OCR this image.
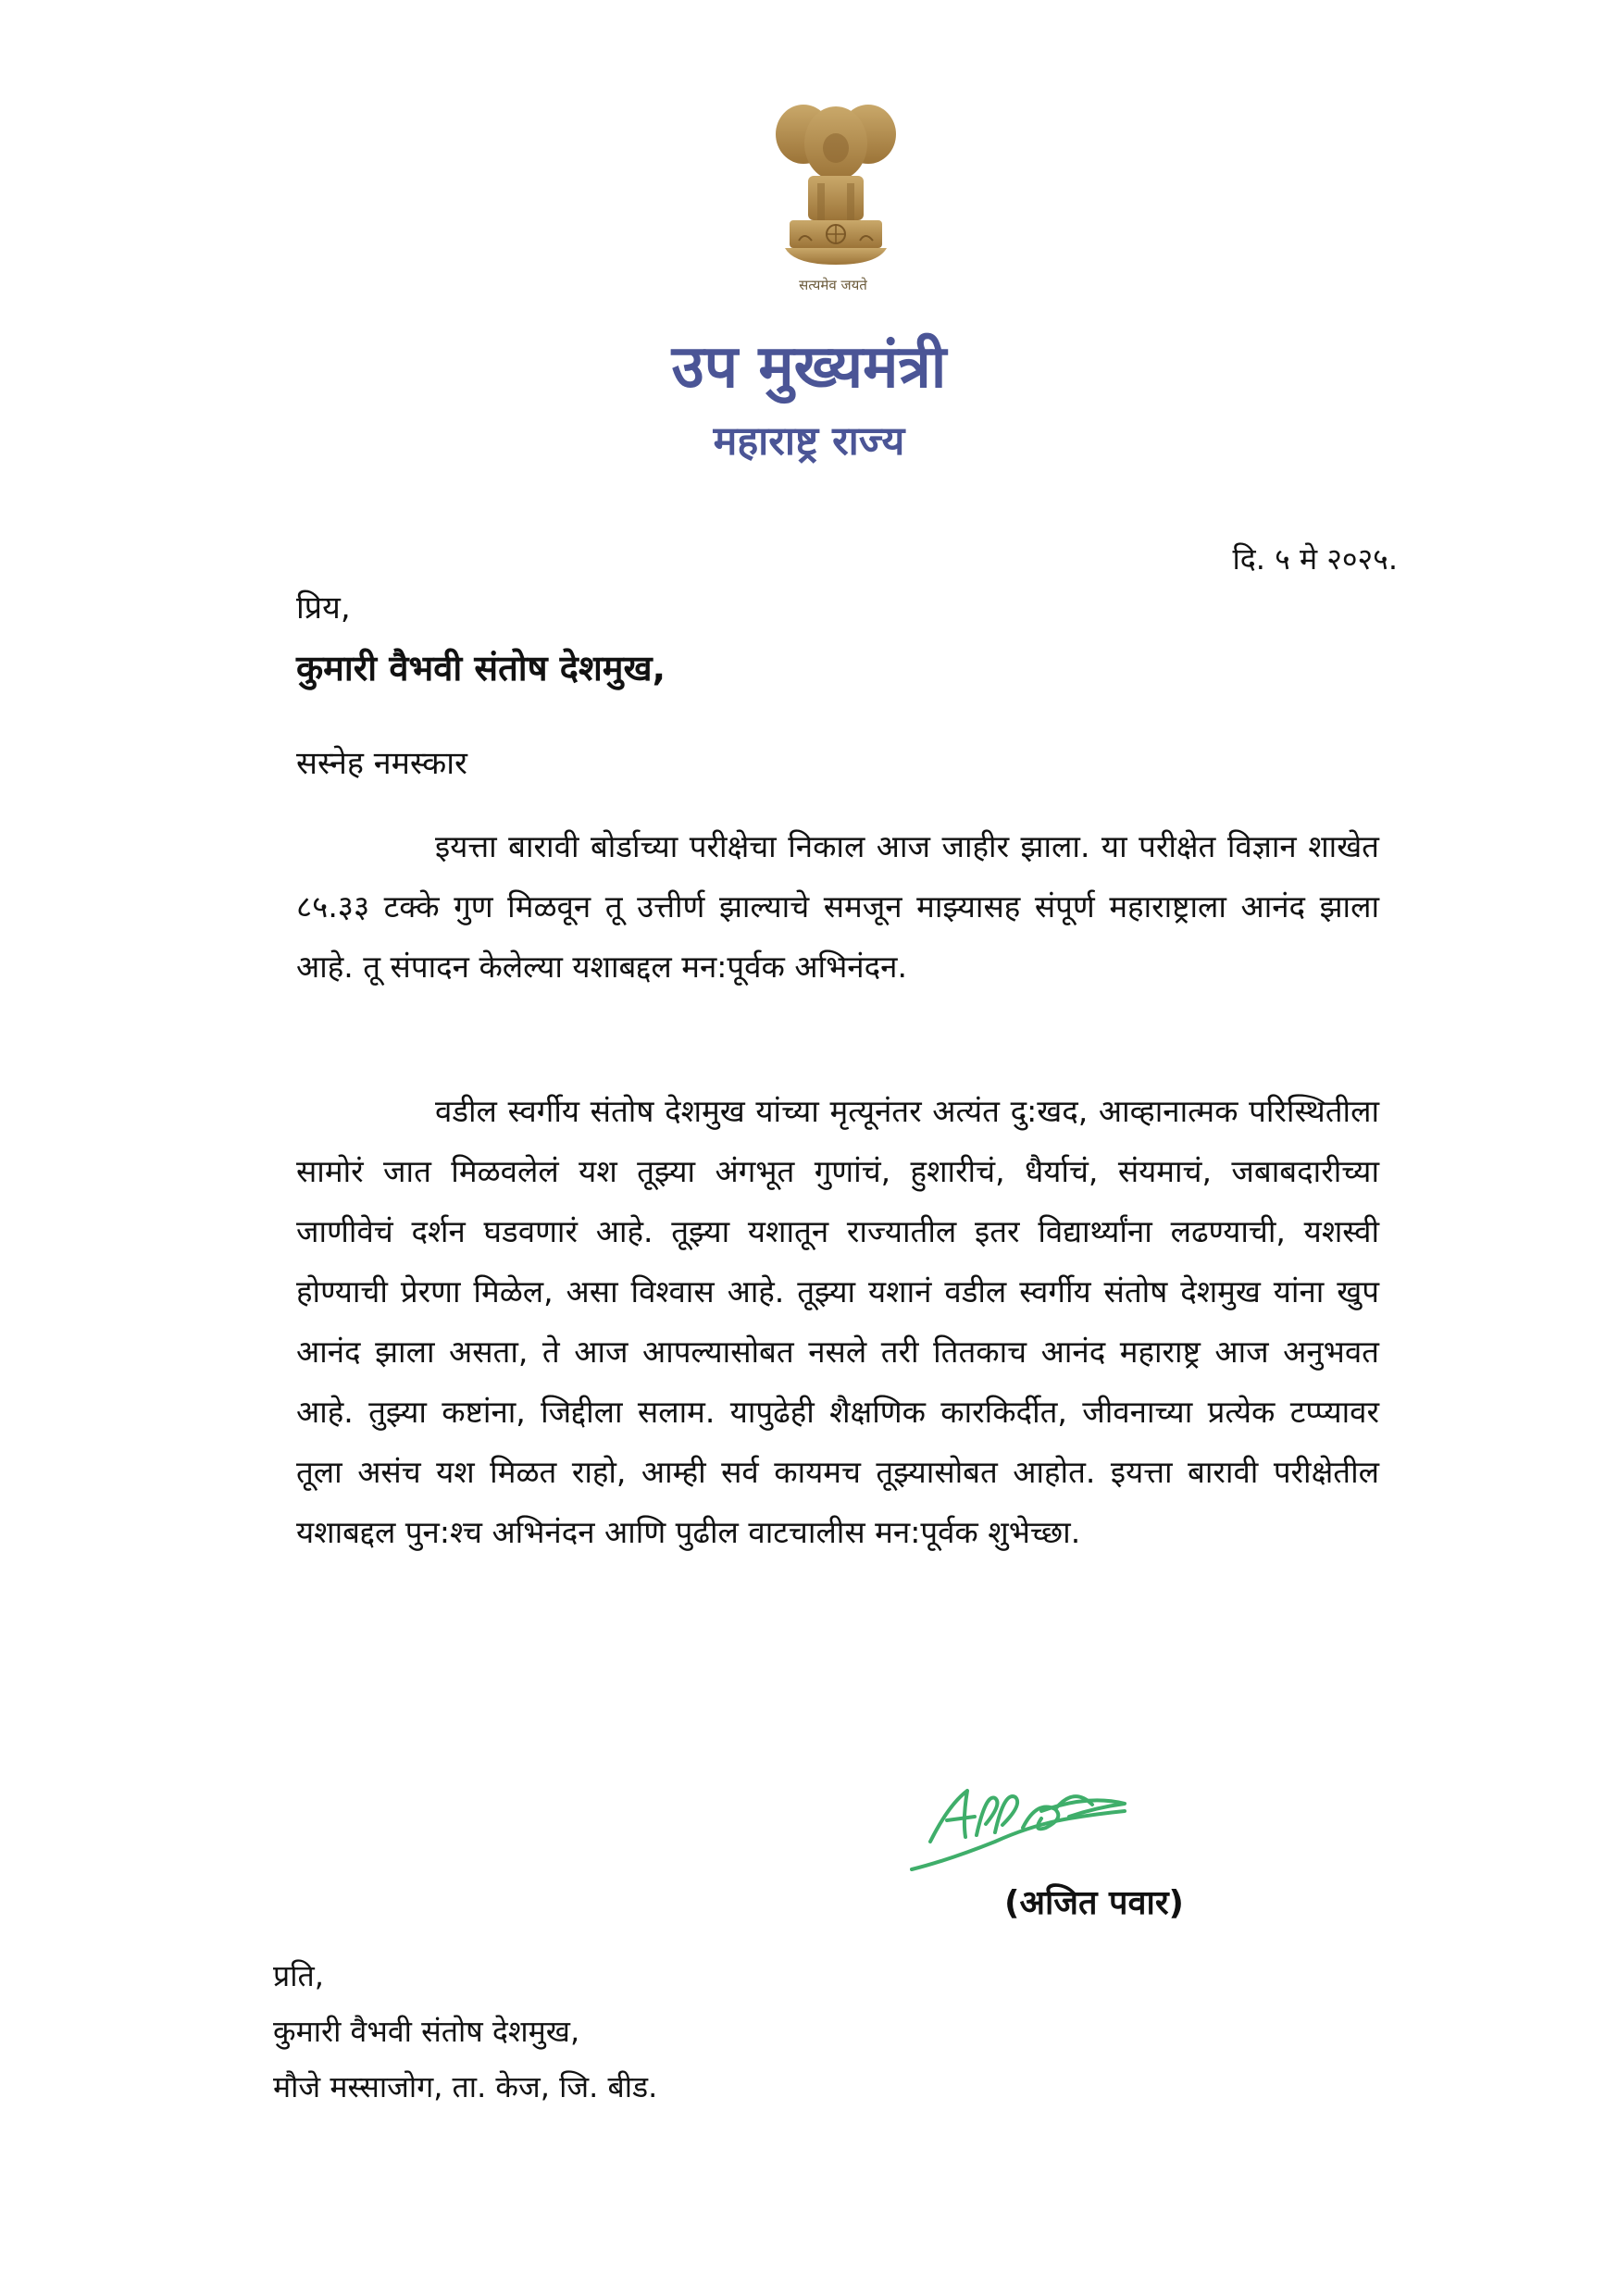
सत्यमेव जयते
उप मुख्यमंत्री
महाराष्ट्र राज्य
दि. ५ मे २०२५.
प्रिय,
कुमारी वैभवी संतोष देशमुख,
सस्नेह नमस्कार

इयत्ता बारावी बोर्डाच्या परीक्षेचा निकाल आज जाहीर झाला. या परीक्षेत विज्ञान शाखेत ८५.३३ टक्के गुण मिळवून तू उत्तीर्ण झाल्याचे समजून माझ्यासह संपूर्ण महाराष्ट्राला आनंद झाला आहे. तू संपादन केलेल्या यशाबद्दल मन:पूर्वक अभिनंदन.

वडील स्वर्गीय संतोष देशमुख यांच्या मृत्यूनंतर अत्यंत दु:खद, आव्हानात्मक परिस्थितीला सामोरं जात मिळवलेलं यश तूझ्या अंगभूत गुणांचं, हुशारीचं, धैर्याचं, संयमाचं, जबाबदारीच्या जाणीवेचं दर्शन घडवणारं आहे. तूझ्या यशातून राज्यातील इतर विद्यार्थ्यांना लढण्याची, यशस्वी होण्याची प्रेरणा मिळेल, असा विश्वास आहे. तूझ्या यशानं वडील स्वर्गीय संतोष देशमुख यांना खुप आनंद झाला असता, ते आज आपल्यासोबत नसले तरी तितकाच आनंद महाराष्ट्र आज अनुभवत आहे. तुझ्या कष्टांना, जिद्दीला सलाम. यापुढेही शैक्षणिक कारकिर्दीत, जीवनाच्या प्रत्येक टप्प्यावर तूला असंच यश मिळत राहो, आम्ही सर्व कायमच तूझ्यासोबत आहोत. इयत्ता बारावी परीक्षेतील यशाबद्दल पुन:श्च अभिनंदन आणि पुढील वाटचालीस मन:पूर्वक शुभेच्छा.

(अजित पवार)
प्रति,
कुमारी वैभवी संतोष देशमुख,
मौजे मस्साजोग, ता. केज, जि. बीड.
